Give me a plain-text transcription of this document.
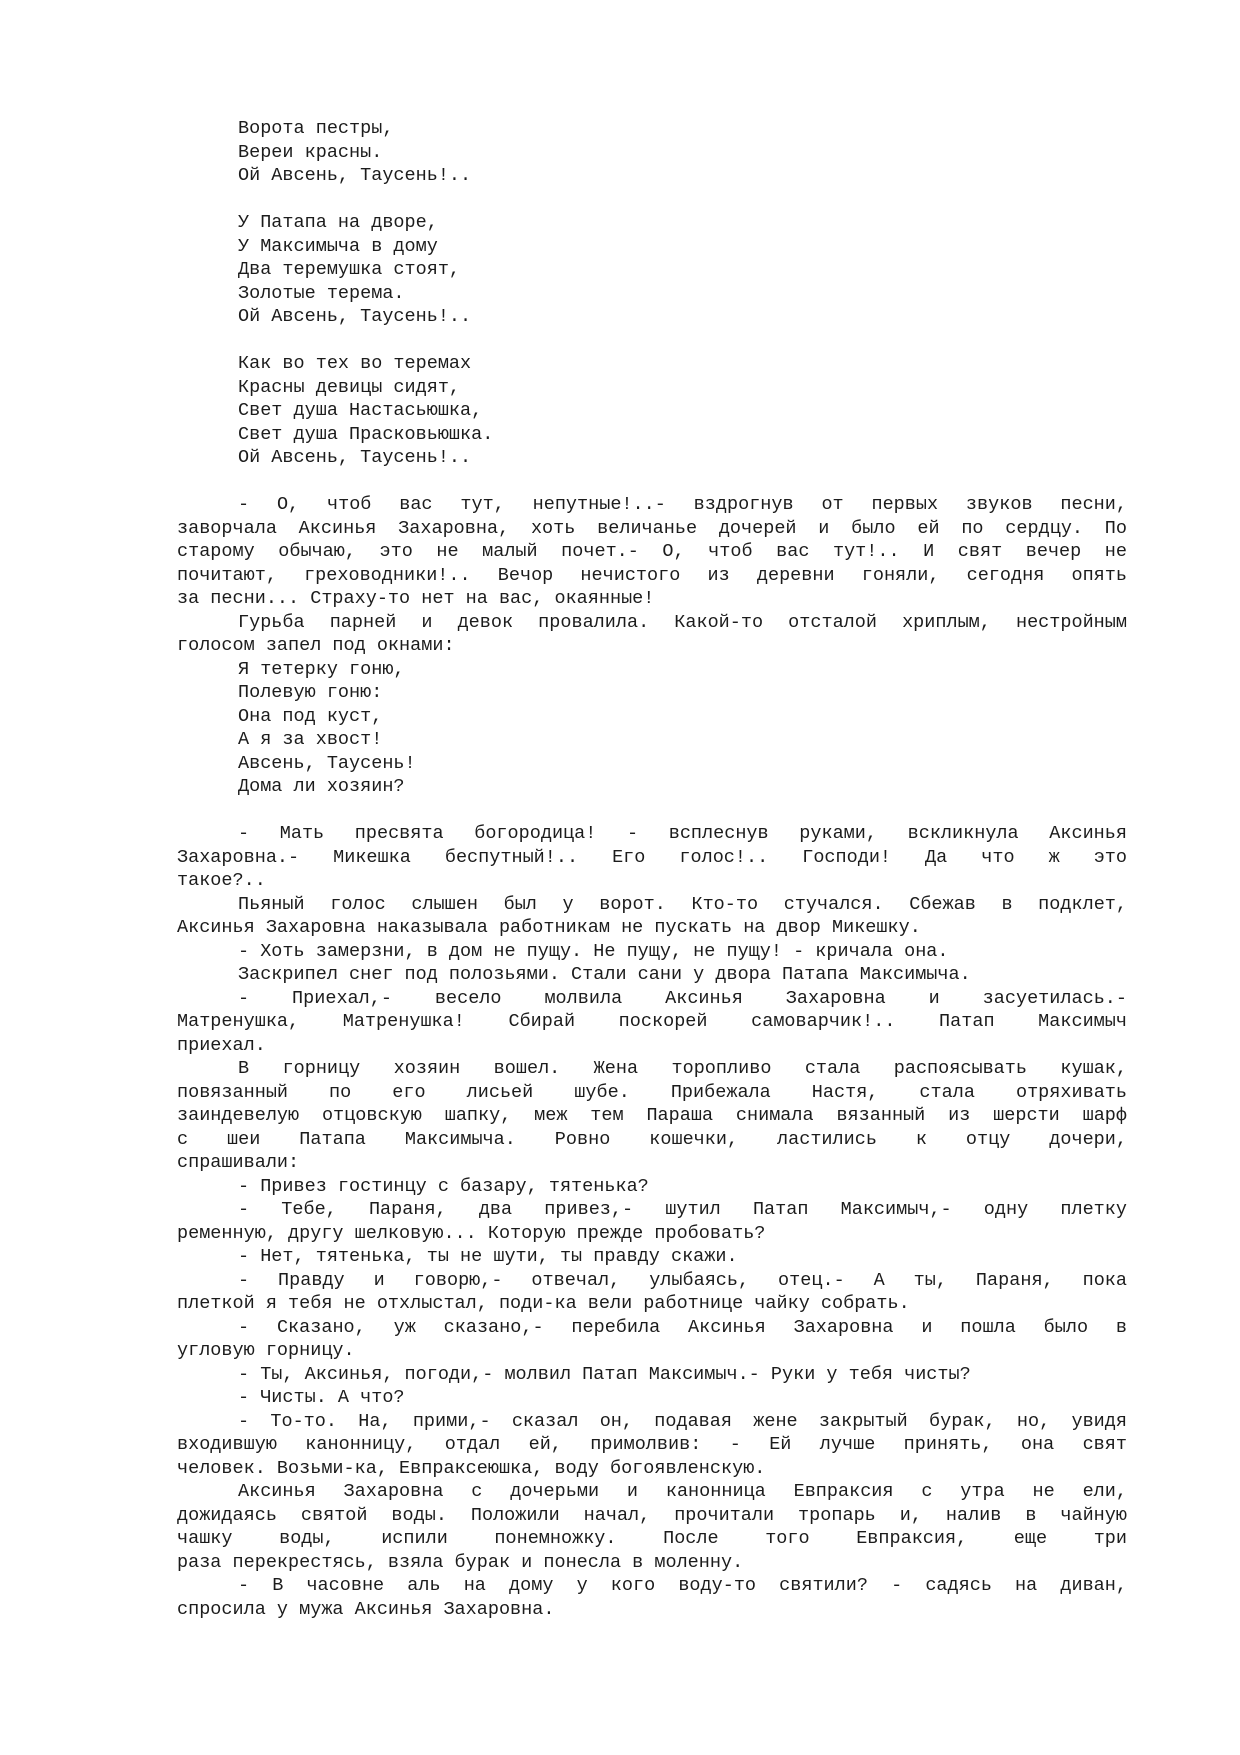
Ворота пестры,
Вереи красны.
Ой Авсень, Таусень!..
У Патапа на дворе,
У Максимыча в дому
Два теремушка стоят,
Золотые терема.
Ой Авсень, Таусень!..
Как во тех во теремах
Красны девицы сидят,
Свет душа Настасьюшка,
Свет душа Прасковьюшка.
Ой Авсень, Таусень!..
- О, чтоб вас тут, непутные!..- вздрогнув от первых звуков песни,
заворчала Аксинья Захаровна, хоть величанье дочерей и было ей по сердцу. По
старому обычаю, это не малый почет.- О, чтоб вас тут!.. И свят вечер не
почитают, греховодники!.. Вечор нечистого из деревни гоняли, сегодня опять
за песни... Страху-то нет на вас, окаянные!
Гурьба парней и девок провалила. Какой-то отсталой хриплым, нестройным
голосом запел под окнами:
Я тетерку гоню,
Полевую гоню:
Она под куст,
А я за хвост!
Авсень, Таусень!
Дома ли хозяин?
- Мать пресвята богородица! - всплеснув руками, вскликнула Аксинья
Захаровна.- Микешка беспутный!.. Его голос!.. Господи! Да что ж это
такое?..
Пьяный голос слышен был у ворот. Кто-то стучался. Сбежав в подклет,
Аксинья Захаровна наказывала работникам не пускать на двор Микешку.
- Хоть замерзни, в дом не пущу. Не пущу, не пущу! - кричала она.
Заскрипел снег под полозьями. Стали сани у двора Патапа Максимыча.
- Приехал,- весело молвила Аксинья Захаровна и засуетилась.-
Матренушка, Матренушка! Сбирай поскорей самоварчик!.. Патап Максимыч
приехал.
В горницу хозяин вошел. Жена торопливо стала распоясывать кушак,
повязанный по его лисьей шубе. Прибежала Настя, стала отряхивать
заиндевелую отцовскую шапку, меж тем Параша снимала вязанный из шерсти шарф
с шеи Патапа Максимыча. Ровно кошечки, ластились к отцу дочери,
спрашивали:
- Привез гостинцу с базару, тятенька?
- Тебе, Параня, два привез,- шутил Патап Максимыч,- одну плетку
ременную, другу шелковую... Которую прежде пробовать?
- Нет, тятенька, ты не шути, ты правду скажи.
- Правду и говорю,- отвечал, улыбаясь, отец.- А ты, Параня, пока
плеткой я тебя не отхлыстал, поди-ка вели работнице чайку собрать.
- Сказано, уж сказано,- перебила Аксинья Захаровна и пошла было в
угловую горницу.
- Ты, Аксинья, погоди,- молвил Патап Максимыч.- Руки у тебя чисты?
- Чисты. А что?
- То-то. На, прими,- сказал он, подавая жене закрытый бурак, но, увидя
входившую канонницу, отдал ей, примолвив: - Ей лучше принять, она свят
человек. Возьми-ка, Евпраксеюшка, воду богоявленскую.
Аксинья Захаровна с дочерьми и канонница Евпраксия с утра не ели,
дожидаясь святой воды. Положили начал, прочитали тропарь и, налив в чайную
чашку воды, испили понемножку. После того Евпраксия, еще три
раза перекрестясь, взяла бурак и понесла в моленну.
- В часовне аль на дому у кого воду-то святили? - садясь на диван,
спросила у мужа Аксинья Захаровна.
